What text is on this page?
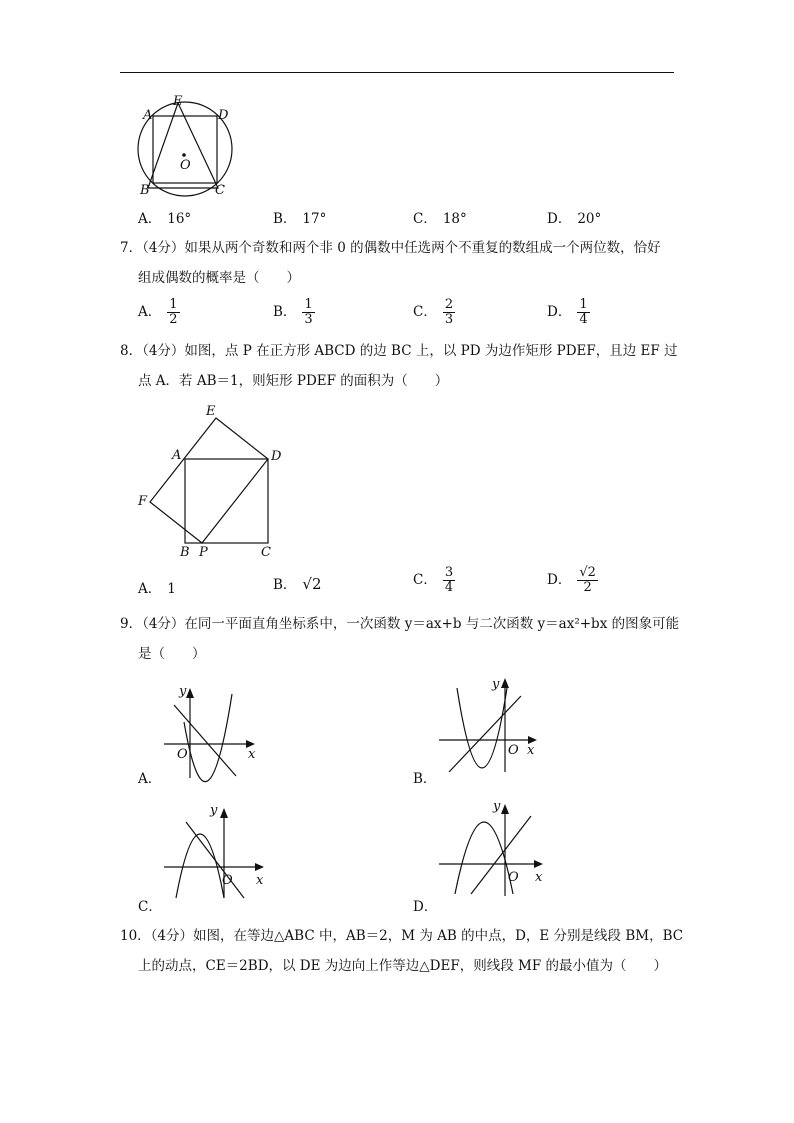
A
E
D
O
B	C
A． 16°	B． 17°	C． 18°	D． 20°
7．（4分）如果从两个奇数和两个非 0 的偶数中任选两个不重复的数组成一个两位数，恰好
组成偶数的概率是（　　）
A． $\frac{1}{2}$	B． $\frac{1}{3}$	C． $\frac{2}{3}$	D． $\frac{1}{4}$
8．（4分）如图，点 P 在正方形 ABCD 的边 BC 上，以 PD 为边作矩形 PDEF，且边 EF 过
点 A．若 AB＝1，则矩形 PDEF 的面积为（　　）
E
A	D
F
B P	C
A． 1	B． √2	C． $\frac{3}{4}$	D． $\frac{√2}{2}$
9．（4分）在同一平面直角坐标系中，一次函数 y＝ax+b 与二次函数 y＝ax²+bx 的图象可能
是（　　）
y
O	x
A．
y
O x
B．
y
O x
C．
y
O x
D．
10．（4分）如图，在等边△ABC 中，AB＝2，M 为 AB 的中点，D，E 分别是线段 BM，BC
上的动点，CE＝2BD，以 DE 为边向上作等边△DEF，则线段 MF 的最小值为（　　）
